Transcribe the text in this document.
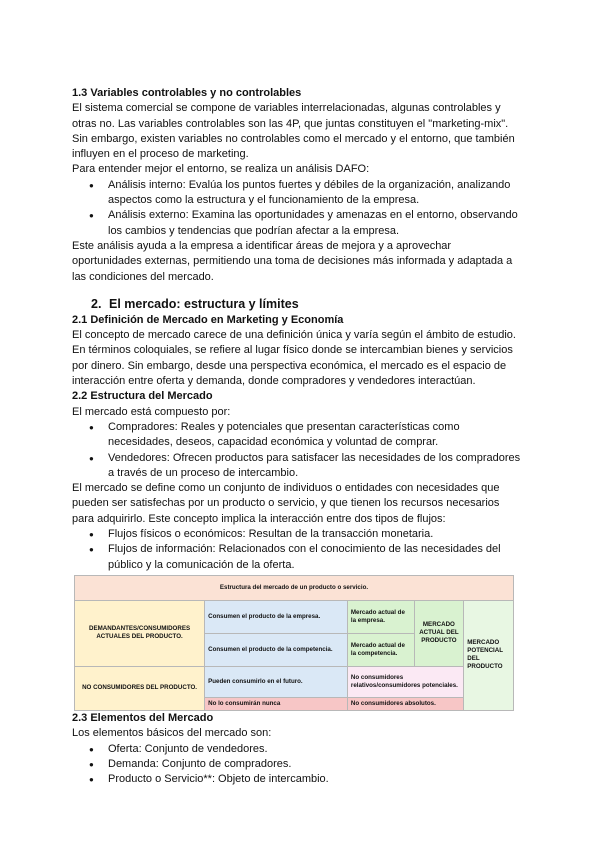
1.3 Variables controlables y no controlables

El sistema comercial se compone de variables interrelacionadas, algunas controlables y

otras no. Las variables controlables son las 4P, que juntas constituyen el "marketing-mix".

Sin embargo, existen variables no controlables como el mercado y el entorno, que también

influyen en el proceso de marketing.

Para entender mejor el entorno, se realiza un análisis DAFO:

● Análisis interno: Evalúa los puntos fuertes y débiles de la organización, analizando
aspectos como la estructura y el funcionamiento de la empresa.
● Análisis externo: Examina las oportunidades y amenazas en el entorno, observando
los cambios y tendencias que podrían afectar a la empresa.

Este análisis ayuda a la empresa a identificar áreas de mejora y a aprovechar

oportunidades externas, permitiendo una toma de decisiones más informada y adaptada a

las condiciones del mercado.

2. El mercado: estructura y límites

2.1 Definición de Mercado en Marketing y Economía

El concepto de mercado carece de una definición única y varía según el ámbito de estudio.

En términos coloquiales, se refiere al lugar físico donde se intercambian bienes y servicios

por dinero. Sin embargo, desde una perspectiva económica, el mercado es el espacio de

interacción entre oferta y demanda, donde compradores y vendedores interactúan.

2.2 Estructura del Mercado

El mercado está compuesto por:

● Compradores: Reales y potenciales que presentan características como
necesidades, deseos, capacidad económica y voluntad de comprar.
● Vendedores: Ofrecen productos para satisfacer las necesidades de los compradores
a través de un proceso de intercambio.

El mercado se define como un conjunto de individuos o entidades con necesidades que

pueden ser satisfechas por un producto o servicio, y que tienen los recursos necesarios

para adquirirlo. Este concepto implica la interacción entre dos tipos de flujos:

● Flujos físicos o económicos: Resultan de la transacción monetaria.
● Flujos de información: Relacionados con el conocimiento de las necesidades del
público y la comunicación de la oferta.
Estructura del mercado de un producto o servicio.				
DEMANDANTES/CONSUMIDORES ACTUALES DEL PRODUCTO.	Consumen el producto de la empresa.	Mercado actual de la empresa.	MERCADO ACTUAL DEL PRODUCTO	MERCADO POTENCIAL DEL PRODUCTO
	Consumen el producto de la competencia.	Mercado actual de la competencia.		
NO CONSUMIDORES DEL PRODUCTO.	Pueden consumirlo en el futuro.	No consumidores relativos/consumidores potenciales.		
	No lo consumirán nunca	No consumidores absolutos.		

2.3 Elementos del Mercado

Los elementos básicos del mercado son:

● Oferta: Conjunto de vendedores.
● Demanda: Conjunto de compradores.
● Producto o Servicio**: Objeto de intercambio.
